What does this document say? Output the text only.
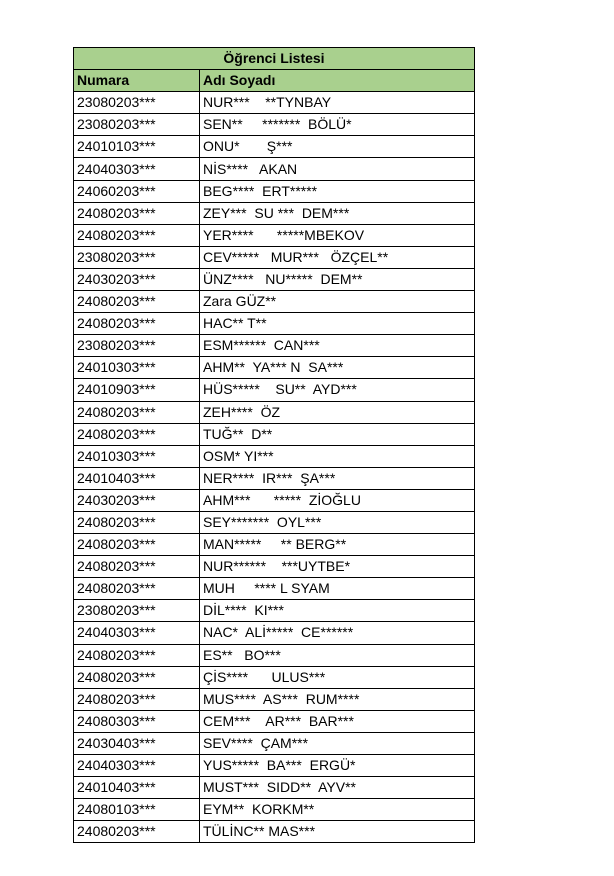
Öğrenci Listesi	
Numara	Adı Soyadı
23080203***	NUR***    **TYNBAY
23080203***	SEN**     *******  BÖLÜ*
24010103***	ONU*       Ş***
24040303***	NİS****   AKAN
24060203***	BEG****  ERT*****
24080203***	ZEY***  SU ***  DEM***
24080203***	YER****      *****MBEKOV
23080203***	CEV*****   MUR***   ÖZÇEL**
24030203***	ÜNZ****   NU*****  DEM**
24080203***	Zara GÜZ**
24080203***	HAC** T**
23080203***	ESM******  CAN***
24010303***	AHM**  YA*** N  SA***
24010903***	HÜS*****    SU**  AYD***
24080203***	ZEH****  ÖZ
24080203***	TUĞ**  D**
24010303***	OSM* YI***
24010403***	NER****  IR***  ŞA***
24030203***	AHM***      *****  ZİOĞLU
24080203***	SEY*******  OYL***
24080203***	MAN*****     ** BERG**
24080203***	NUR******    ***UYTBE*
24080203***	MUH     **** L SYAM
23080203***	DİL****  KI***
24040303***	NAC*  ALİ*****  CE******
24080203***	ES**   BO***
24080203***	ÇİS****      ULUS***
24080203***	MUS****  AS***  RUM****
24080303***	CEM***    AR***  BAR***
24030403***	SEV****  ÇAM***
24040303***	YUS*****  BA***  ERGÜ*
24010403***	MUST***  SIDD**  AYV**
24080103***	EYM**  KORKM**
24080203***	TÜLİNC** MAS***
